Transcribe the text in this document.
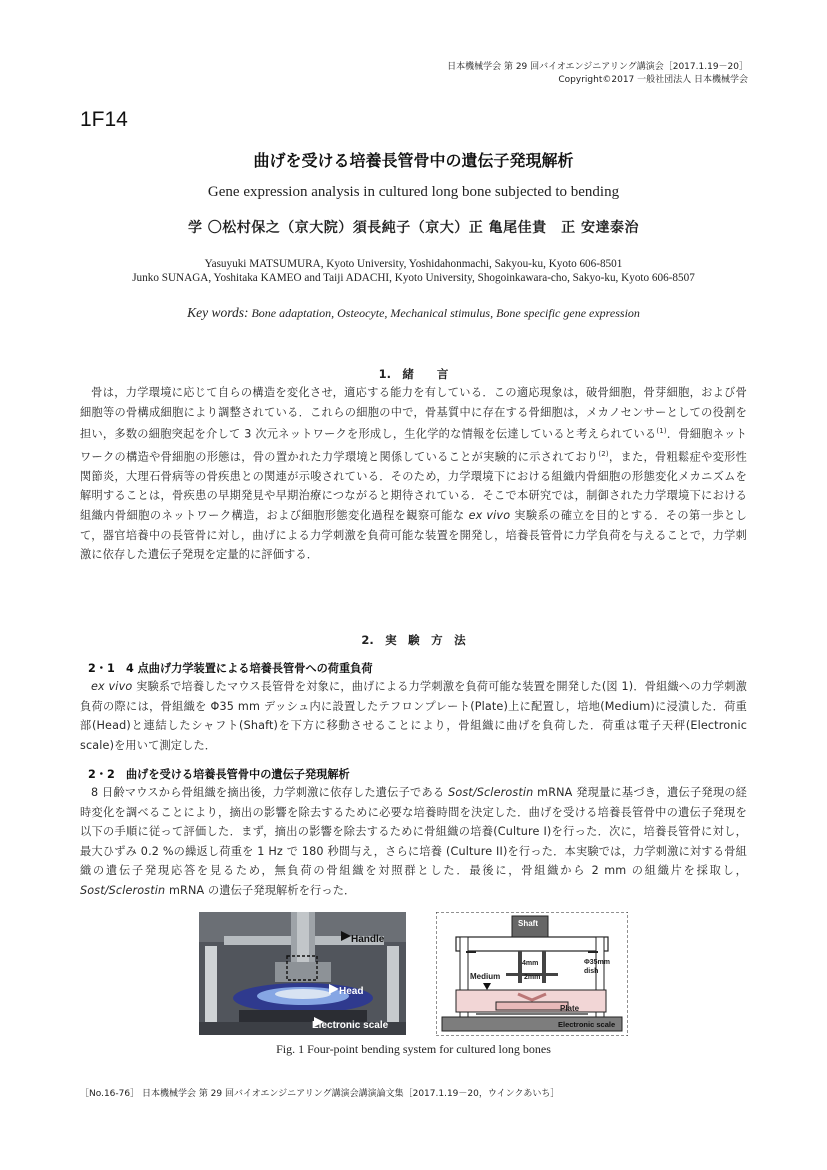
日本機械学会 第 29 回バイオエンジニアリング講演会［2017.1.19－20］
Copyright©2017 一般社団法人 日本機械学会
1F14
曲げを受ける培養長管骨中の遺伝子発現解析
Gene expression analysis in cultured long bone subjected to bending
学 〇松村保之（京大院）須長純子（京大）正 亀尾佳貴　正 安達泰治
Yasuyuki MATSUMURA, Kyoto University, Yoshidahonmachi, Sakyou-ku, Kyoto 606-8501
Junko SUNAGA, Yoshitaka KAMEO and Taiji ADACHI, Kyoto University, Shogoinkawara-cho, Sakyo-ku, Kyoto 606-8507
Key words: Bone adaptation, Osteocyte, Mechanical stimulus, Bone specific gene expression
1.　緒　　言
骨は，力学環境に応じて自らの構造を変化させ，適応する能力を有している．この適応現象は，破骨細胞，骨芽細胞，および骨細胞等の骨構成細胞により調整されている．これらの細胞の中で，骨基質中に存在する骨細胞は，メカノセンサーとしての役割を担い，多数の細胞突起を介して 3 次元ネットワークを形成し，生化学的な情報を伝達していると考えられている$^{(1)}$．骨細胞ネットワークの構造や骨細胞の形態は，骨の置かれた力学環境と関係していることが実験的に示されており$^{(2)}$，また，骨粗鬆症や変形性関節炎，大理石骨病等の骨疾患との関連が示唆されている．そのため，力学環境下における組織内骨細胞の形態変化メカニズムを解明することは，骨疾患の早期発見や早期治療につながると期待されている．そこで本研究では，制御された力学環境下における組織内骨細胞のネットワーク構造，および細胞形態変化過程を観察可能な ex vivo 実験系の確立を目的とする．その第一歩として，器官培養中の長管骨に対し，曲げによる力学刺激を負荷可能な装置を開発し，培養長管骨に力学負荷を与えることで，力学刺激に依存した遺伝子発現を定量的に評価する．
2.　実　験　方　法
2・1　4 点曲げ力学装置による培養長管骨への荷重負荷
ex vivo 実験系で培養したマウス長管骨を対象に，曲げによる力学刺激を負荷可能な装置を開発した(図 1)．骨組織への力学刺激負荷の際には，骨組織を Φ35 mm デッシュ内に設置したテフロンプレート(Plate)上に配置し，培地(Medium)に浸漬した．荷重部(Head)と連結したシャフト(Shaft)を下方に移動させることにより，骨組織に曲げを負荷した．荷重は電子天秤(Electronic scale)を用いて測定した．
2・2　曲げを受ける培養長管骨中の遺伝子発現解析
8 日齢マウスから骨組織を摘出後，力学刺激に依存した遺伝子である Sost/Sclerostin mRNA 発現量に基づき，遺伝子発現の経時変化を調べることにより，摘出の影響を除去するために必要な培養時間を決定した．曲げを受ける培養長管骨中の遺伝子発現を以下の手順に従って評価した．まず，摘出の影響を除去するために骨組織の培養(Culture I)を行った．次に，培養長管骨に対し，最大ひずみ 0.2 %の繰返し荷重を 1 Hz で 180 秒間与え，さらに培養 (Culture II)を行った．本実験では，力学刺激に対する骨組織の遺伝子発現応答を見るため，無負荷の骨組織を対照群とした．最後に，骨組織から 2 mm の組織片を採取し，Sost/Sclerostin mRNA の遺伝子発現解析を行った．
Handle
Head
Electronic scale
Shaft
Medium
Φ35mm
dish
4mm
2mm
Plate
Electronic scale
Fig. 1 Four-point bending system for cultured long bones
［No.16-76］ 日本機械学会 第 29 回バイオエンジニアリング講演会講演論文集［2017.1.19－20，ウインクあいち］
